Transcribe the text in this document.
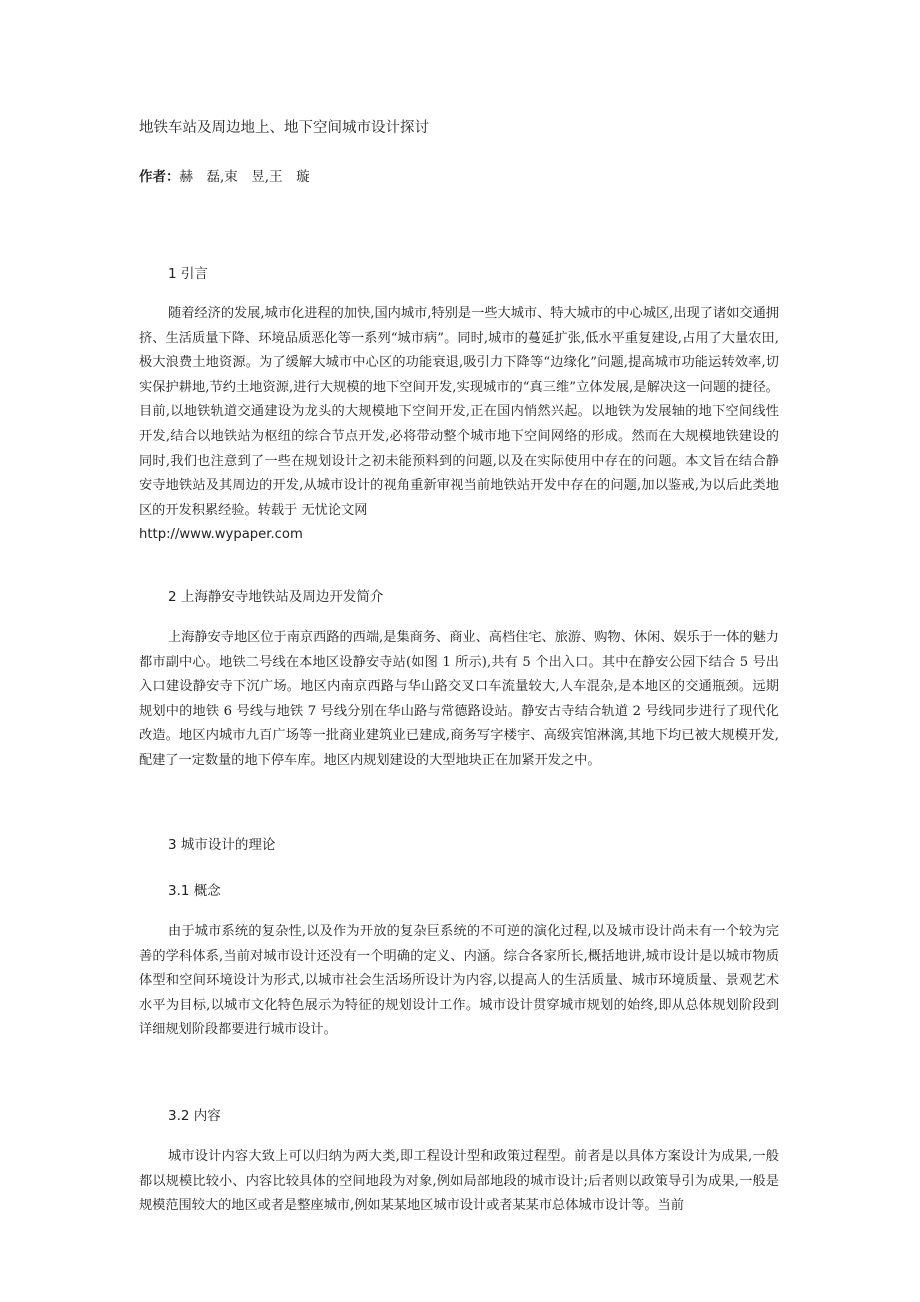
地铁车站及周边地上、地下空间城市设计探讨
作者：赫　磊,束　昱,王　璇
1 引言

随着经济的发展,城市化进程的加快,国内城市,特别是一些大城市、特大城市的中心城区,出现了诸如交通拥挤、生活质量下降、环境品质恶化等一系列“城市病”。同时,城市的蔓延扩张,低水平重复建设,占用了大量农田,极大浪费土地资源。为了缓解大城市中心区的功能衰退,吸引力下降等“边缘化”问题,提高城市功能运转效率,切实保护耕地,节约土地资源,进行大规模的地下空间开发,实现城市的“真三维”立体发展,是解决这一问题的捷径。目前,以地铁轨道交通建设为龙头的大规模地下空间开发,正在国内悄然兴起。以地铁为发展轴的地下空间线性开发,结合以地铁站为枢纽的综合节点开发,必将带动整个城市地下空间网络的形成。然而在大规模地铁建设的同时,我们也注意到了一些在规划设计之初未能预料到的问题,以及在实际使用中存在的问题。本文旨在结合静安寺地铁站及其周边的开发,从城市设计的视角重新审视当前地铁站开发中存在的问题,加以鉴戒,为以后此类地区的开发积累经验。转载于 无忧论文网
http://www.wypaper.com

2 上海静安寺地铁站及周边开发简介

上海静安寺地区位于南京西路的西端,是集商务、商业、高档住宅、旅游、购物、休闲、娱乐于一体的魅力都市副中心。地铁二号线在本地区设静安寺站(如图 1 所示),共有 5 个出入口。其中在静安公园下结合 5 号出入口建设静安寺下沉广场。地区内南京西路与华山路交叉口车流量较大,人车混杂,是本地区的交通瓶颈。远期规划中的地铁 6 号线与地铁 7 号线分别在华山路与常德路设站。静安古寺结合轨道 2 号线同步进行了现代化改造。地区内城市九百广场等一批商业建筑业已建成,商务写字楼宇、高级宾馆淋漓,其地下均已被大规模开发,配建了一定数量的地下停车库。地区内规划建设的大型地块正在加紧开发之中。

3 城市设计的理论
3.1 概念

由于城市系统的复杂性,以及作为开放的复杂巨系统的不可逆的演化过程,以及城市设计尚未有一个较为完善的学科体系,当前对城市设计还没有一个明确的定义、内涵。综合各家所长,概括地讲,城市设计是以城市物质体型和空间环境设计为形式,以城市社会生活场所设计为内容,以提高人的生活质量、城市环境质量、景观艺术水平为目标,以城市文化特色展示为特征的规划设计工作。城市设计贯穿城市规划的始终,即从总体规划阶段到详细规划阶段都要进行城市设计。

3.2 内容

城市设计内容大致上可以归纳为两大类,即工程设计型和政策过程型。前者是以具体方案设计为成果,一般都以规模比较小、内容比较具体的空间地段为对象,例如局部地段的城市设计;后者则以政策导引为成果,一般是规模范围较大的地区或者是整座城市,例如某某地区城市设计或者某某市总体城市设计等。当前
